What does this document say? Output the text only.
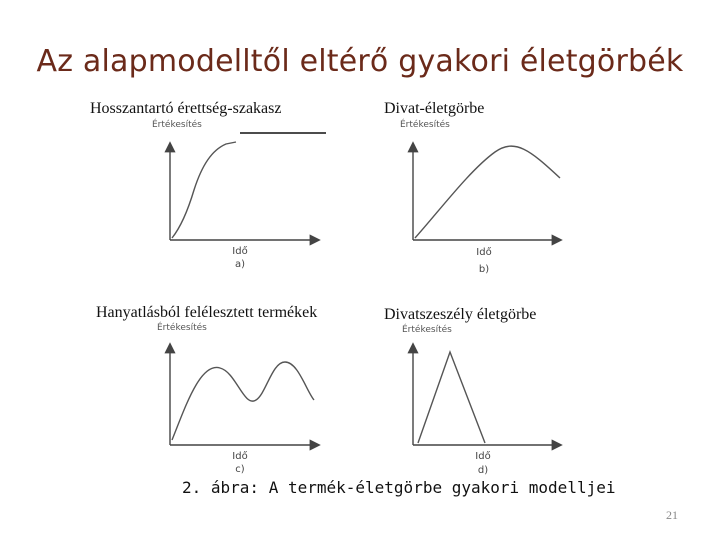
Az alapmodelltől eltérő gyakori életgörbék
Hosszantartó érettség-szakasz
Értékesítés
Idő
a)
Divat-életgörbe
Értékesítés
Idő
b)
Hanyatlásból felélesztett termékek
Értékesítés
Idő
c)
Divatszeszély életgörbe
Értékesítés
Idő
d)
2. ábra: A termék-életgörbe gyakori modelljei
21
